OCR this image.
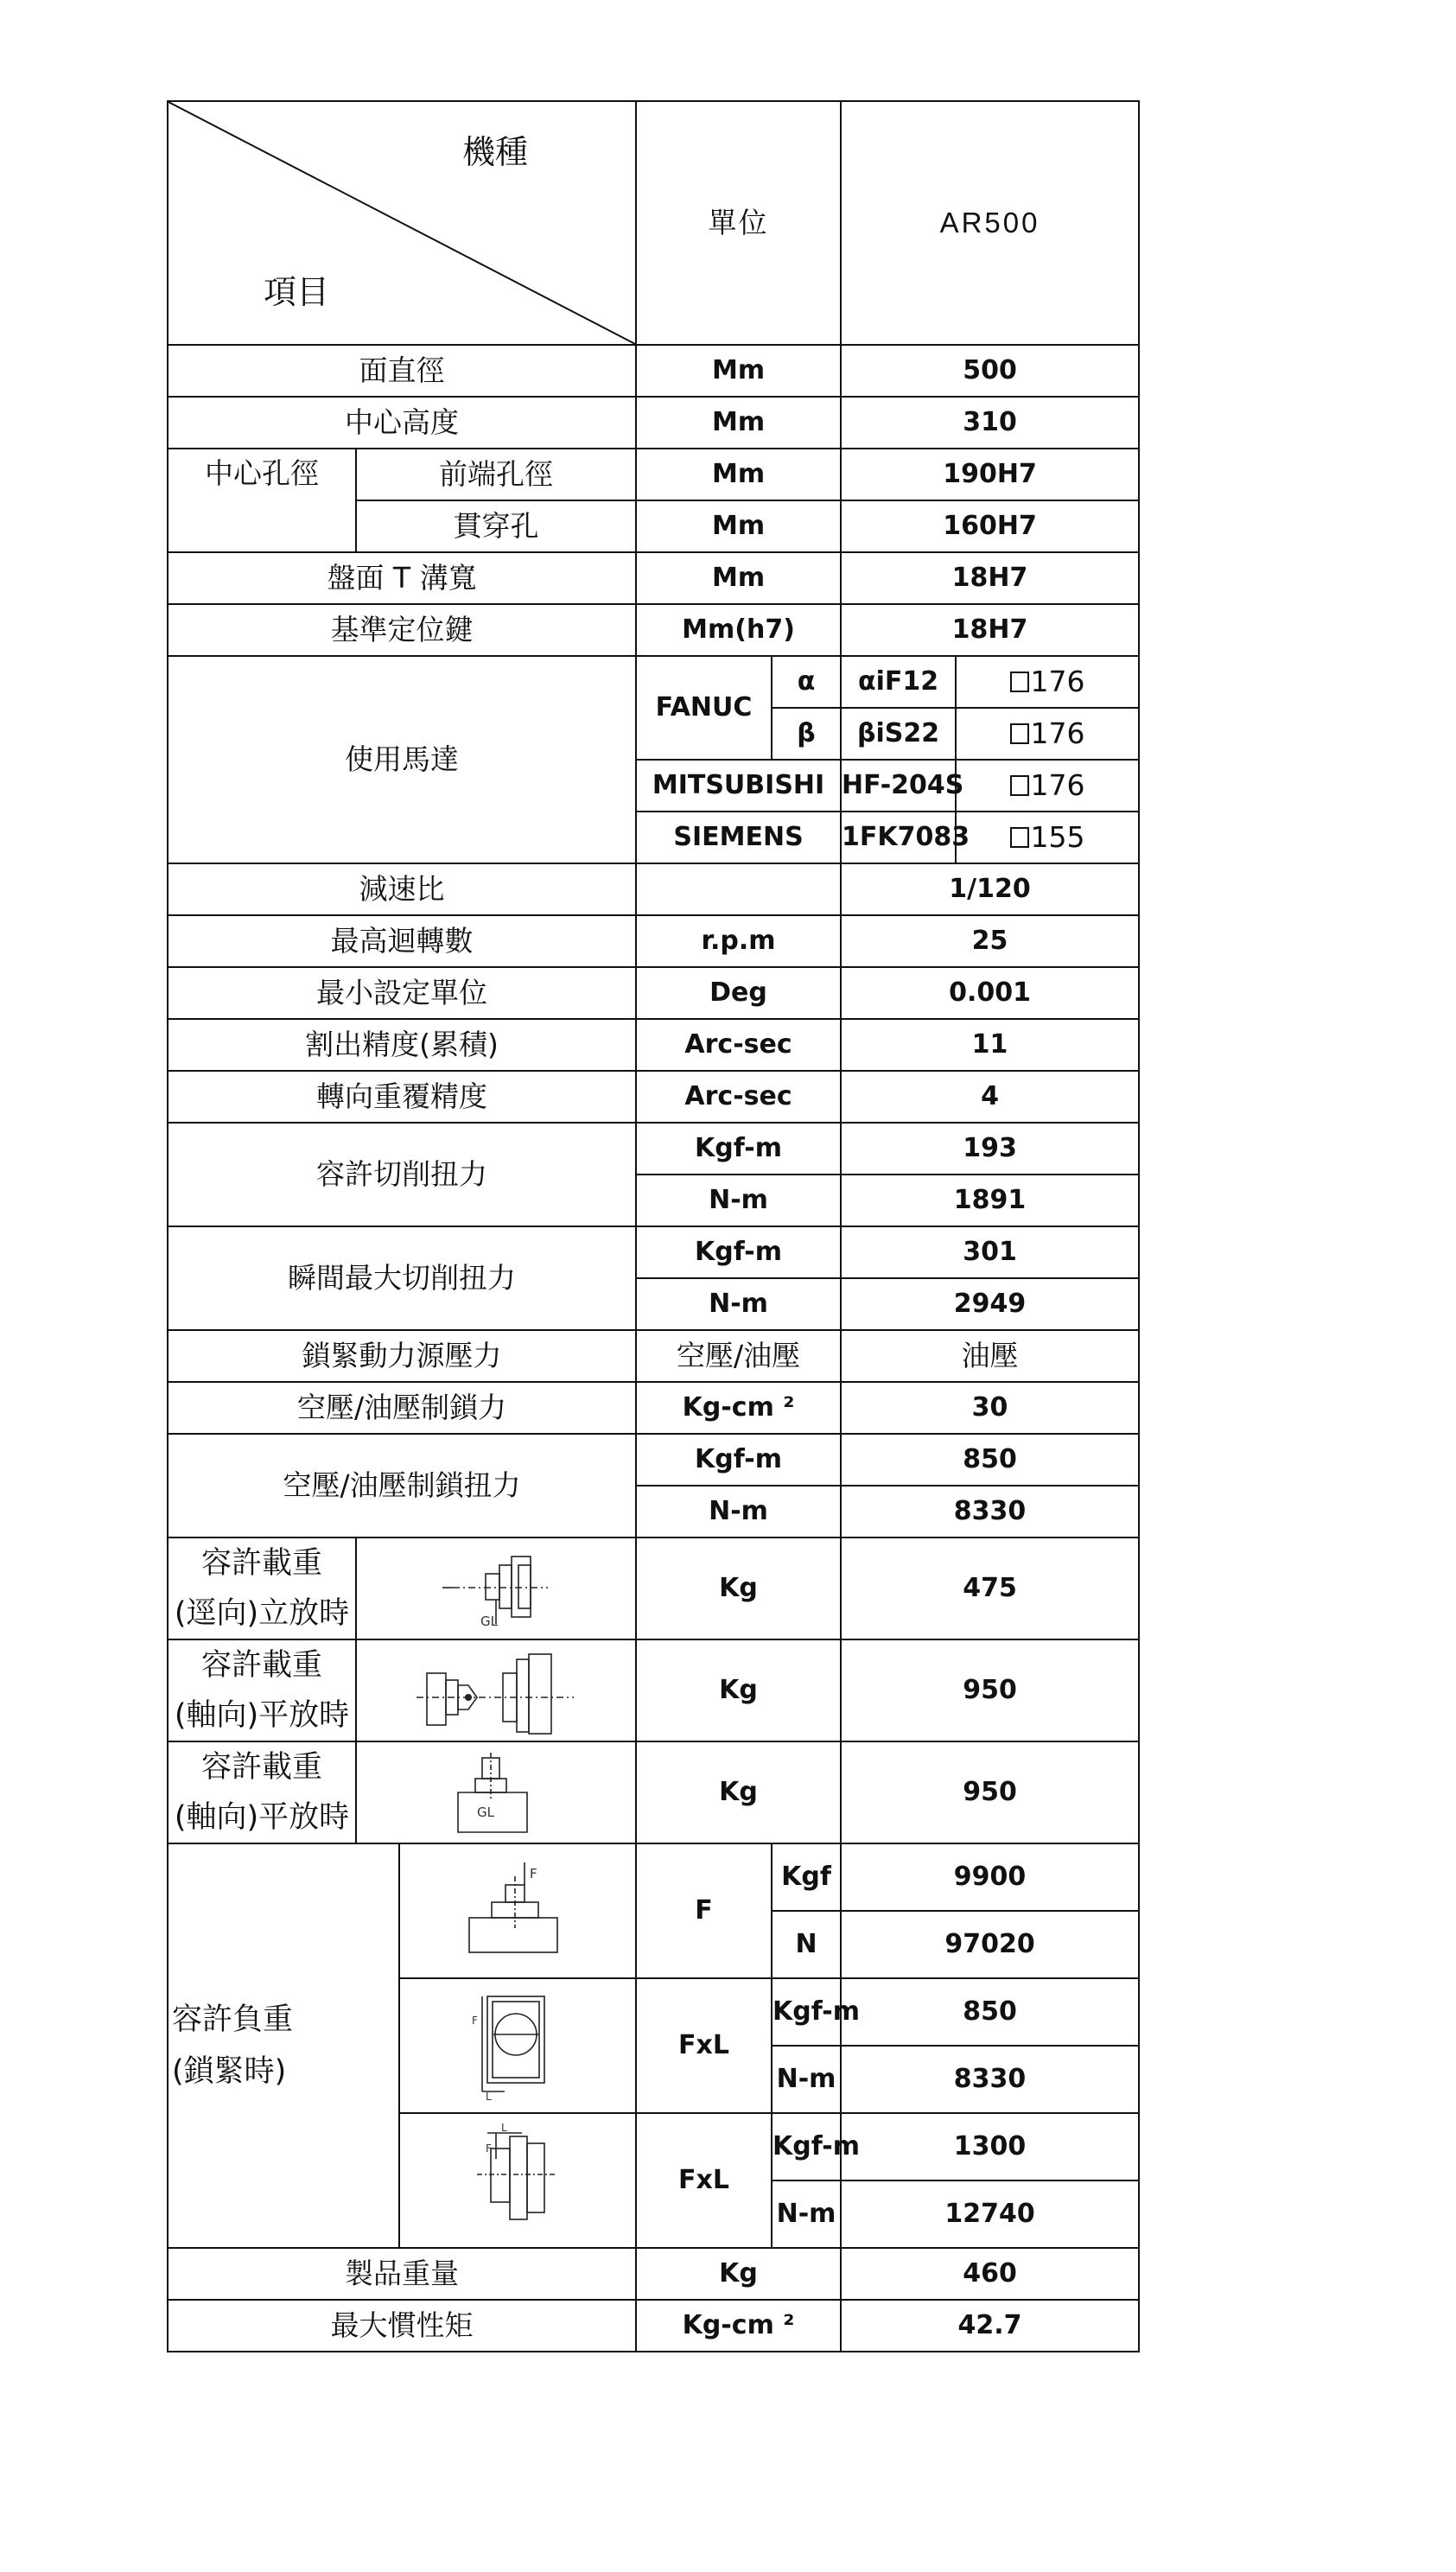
機種
項目			單位		AR500	
面直徑			Mm		500	
中心高度			Mm		310	
中心孔徑	前端孔徑		Mm		190H7	
	貫穿孔		Mm		160H7	
盤面 T 溝寬			Mm		18H7	
基準定位鍵			Mm(h7)		18H7	
使用馬達			FANUC	α	αiF12	176
				β	βiS22	176
			MITSUBISHI		HF-204S	176
			SIEMENS		1FK7083	155
減速比					1/120	
最高迴轉數			r.p.m		25	
最小設定單位			Deg		0.001	
割出精度(累積)			Arc-sec		11	
轉向重覆精度			Arc-sec		4	
容許切削扭力			Kgf-m		193	
			N-m		1891	
瞬間最大切削扭力			Kgf-m		301	
			N-m		2949	
鎖緊動力源壓力			空壓/油壓		油壓	
空壓/油壓制鎖力			Kg-cm ²		30	
空壓/油壓制鎖扭力			Kgf-m		850	
			N-m		8330	

容許載重
(逕向)立放時	GL		Kg		475	

容許載重
(軸向)平放時			Kg		950	

容許載重
(軸向)平放時	GL		Kg		950	

容許負重
(鎖緊時)		F	F	Kgf	9900	
				N	97020	

F
L	FxL	Kgf-m	850	
				N-m	8330	

F
L	FxL	Kgf-m	1300	
				N-m	12740	
製品重量			Kg		460	
最大慣性矩			Kg-cm ²		42.7	
